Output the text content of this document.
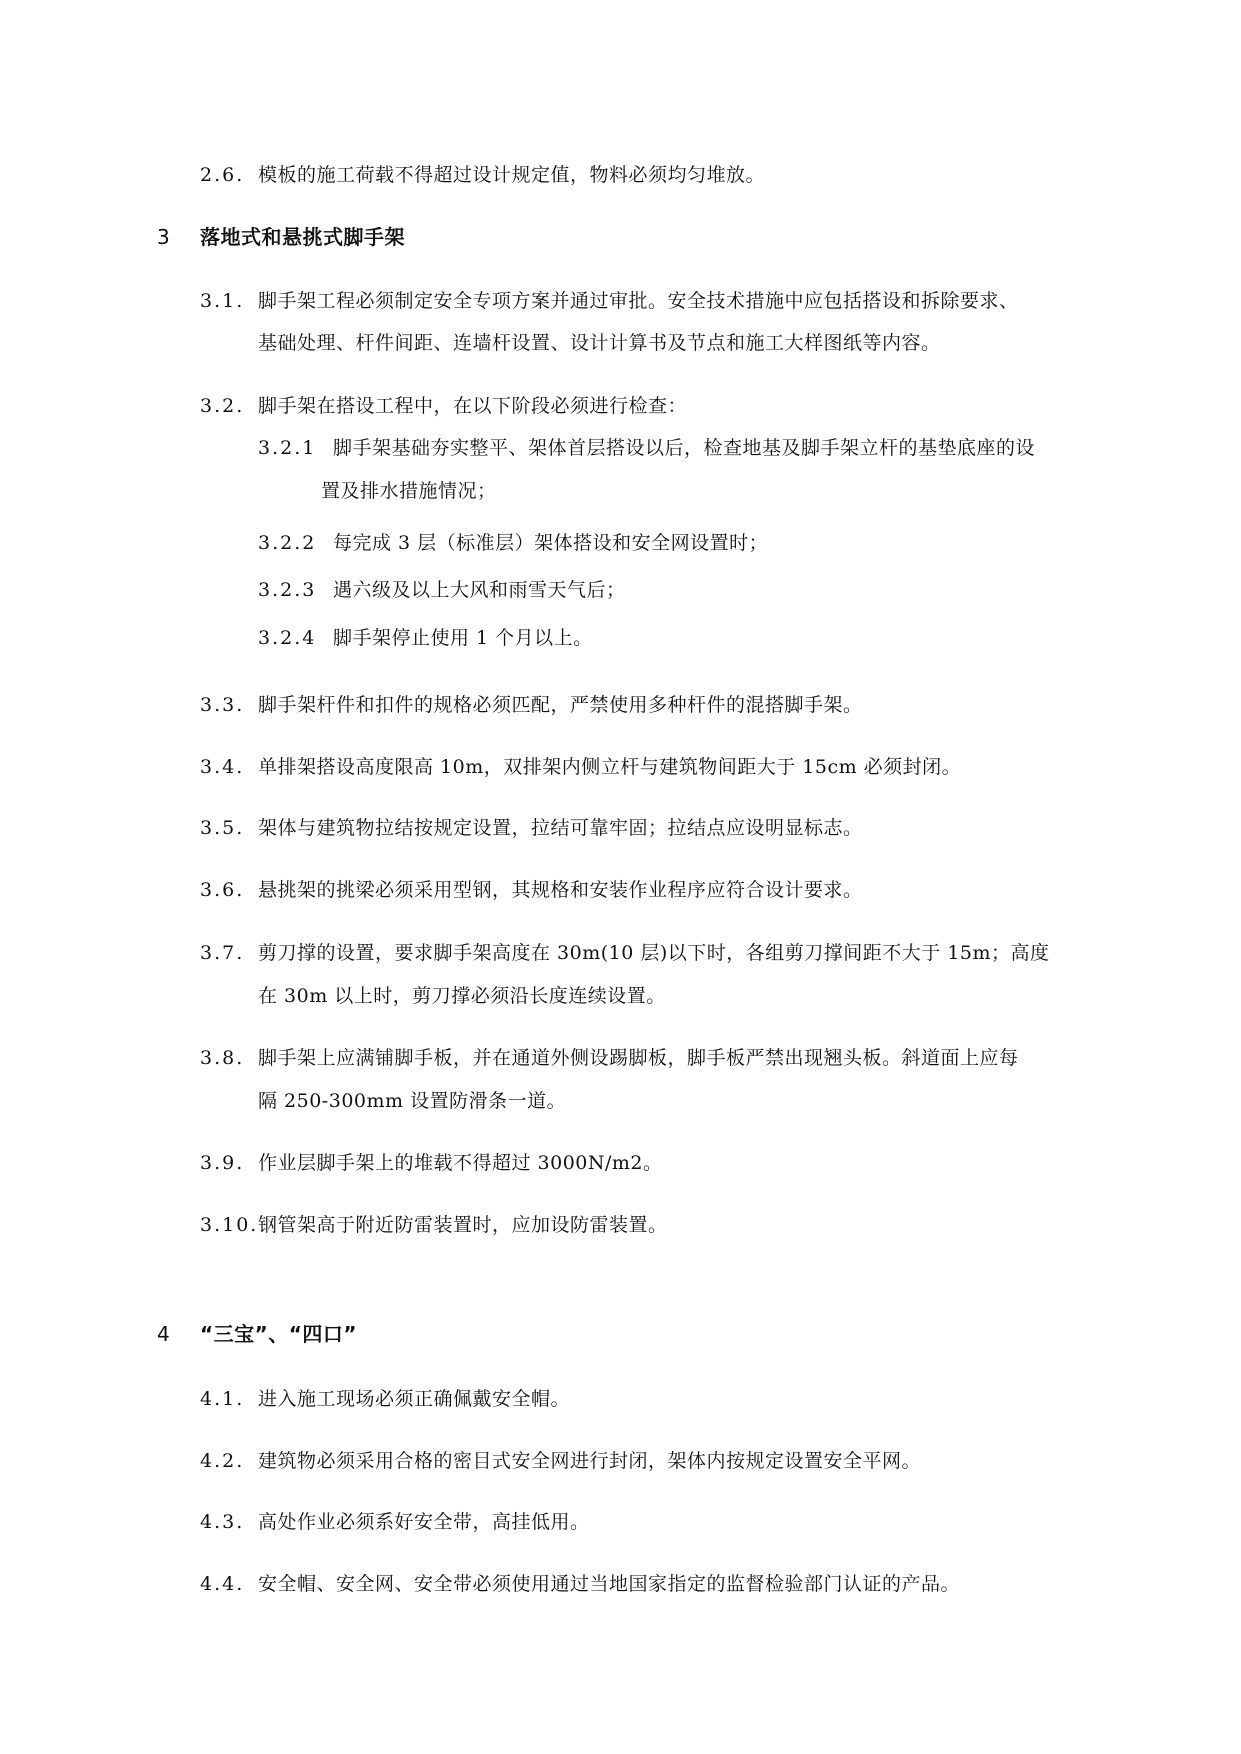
2.6. 模板的施工荷载不得超过设计规定值，物料必须均匀堆放。
3 落地式和悬挑式脚手架
3.1. 脚手架工程必须制定安全专项方案并通过审批。安全技术措施中应包括搭设和拆除要求、
基础处理、杆件间距、连墙杆设置、设计计算书及节点和施工大样图纸等内容。
3.2. 脚手架在搭设工程中，在以下阶段必须进行检查：
3.2.1 脚手架基础夯实整平、架体首层搭设以后，检查地基及脚手架立杆的基垫底座的设
置及排水措施情况；
3.2.2 每完成 3 层（标准层）架体搭设和安全网设置时；
3.2.3 遇六级及以上大风和雨雪天气后；
3.2.4 脚手架停止使用 1 个月以上。
3.3. 脚手架杆件和扣件的规格必须匹配，严禁使用多种杆件的混搭脚手架。
3.4. 单排架搭设高度限高 10m，双排架内侧立杆与建筑物间距大于 15cm 必须封闭。
3.5. 架体与建筑物拉结按规定设置，拉结可靠牢固；拉结点应设明显标志。
3.6. 悬挑架的挑梁必须采用型钢，其规格和安装作业程序应符合设计要求。
3.7. 剪刀撑的设置，要求脚手架高度在 30m(10 层)以下时，各组剪刀撑间距不大于 15m；高度
在 30m 以上时，剪刀撑必须沿长度连续设置。
3.8. 脚手架上应满铺脚手板，并在通道外侧设踢脚板，脚手板严禁出现翘头板。斜道面上应每
隔 250-300mm 设置防滑条一道。
3.9. 作业层脚手架上的堆载不得超过 3000N/m2。
3.10. 钢管架高于附近防雷装置时，应加设防雷装置。
4 “三宝”、“四口”
4.1. 进入施工现场必须正确佩戴安全帽。
4.2. 建筑物必须采用合格的密目式安全网进行封闭，架体内按规定设置安全平网。
4.3. 高处作业必须系好安全带，高挂低用。
4.4. 安全帽、安全网、安全带必须使用通过当地国家指定的监督检验部门认证的产品。
